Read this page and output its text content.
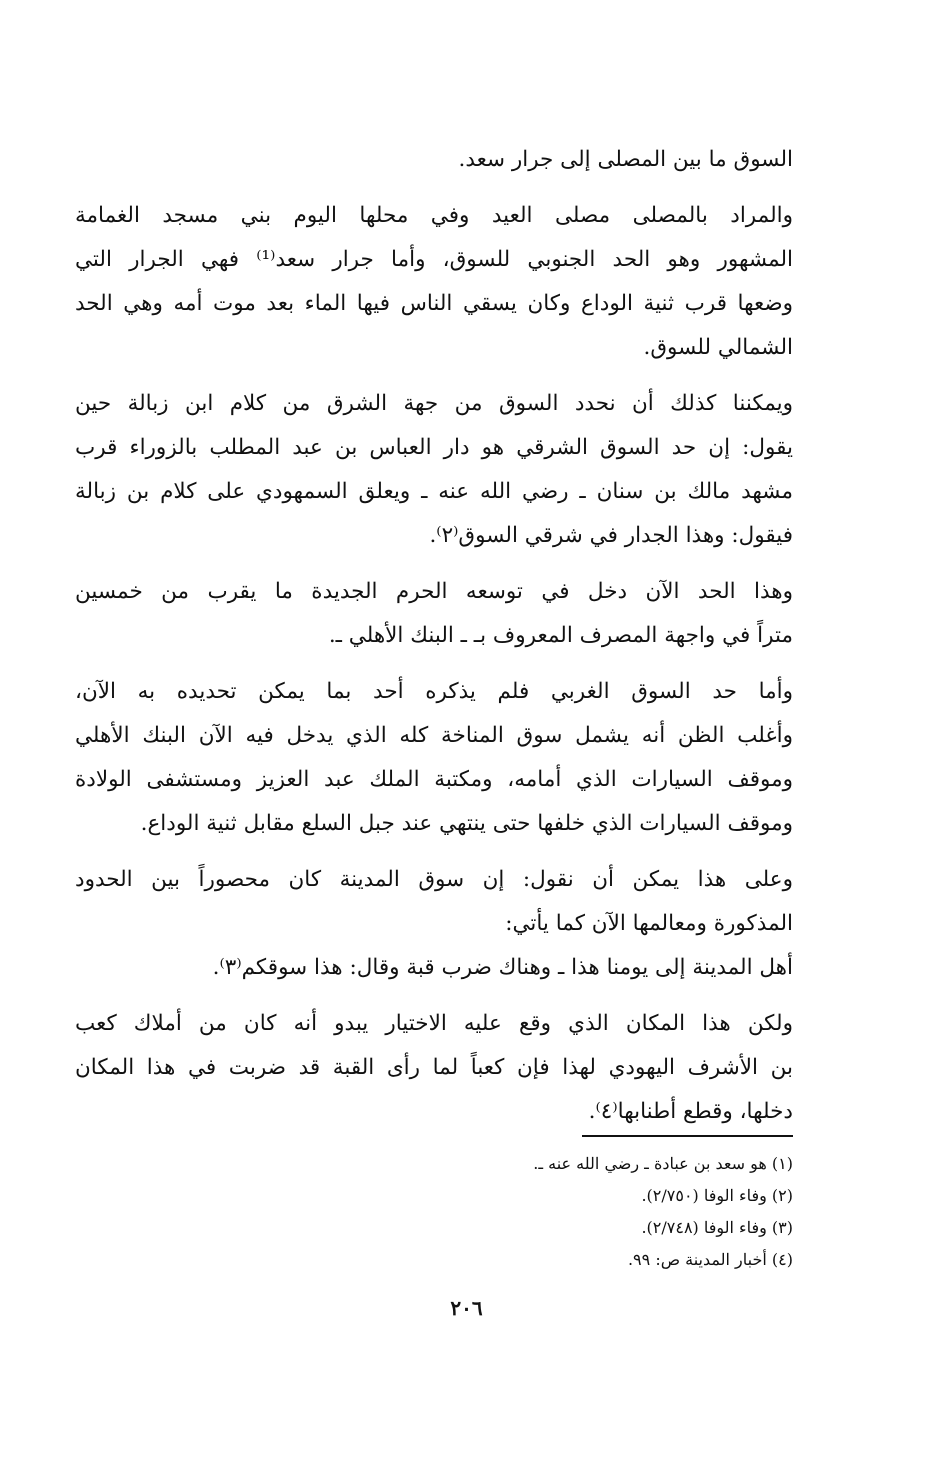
السوق ما بين المصلى إلى جرار سعد.

والمراد بالمصلى مصلى العيد وفي محلها اليوم بني مسجد الغمامة
المشهور وهو الحد الجنوبي للسوق، وأما جرار سعد⁽¹⁾ فهي الجرار التي
وضعها قرب ثنية الوداع وكان يسقي الناس فيها الماء بعد موت أمه وهي الحد
الشمالي للسوق.

ويمكننا كذلك أن نحدد السوق من جهة الشرق من كلام ابن زبالة حين
يقول: إن حد السوق الشرقي هو دار العباس بن عبد المطلب بالزوراء قرب
مشهد مالك بن سنان ـ رضي الله عنه ـ ويعلق السمهودي على كلام بن زبالة
فيقول: وهذا الجدار في شرقي السوق⁽٢⁾.

وهذا الحد الآن دخل في توسعه الحرم الجديدة ما يقرب من خمسين
متراً في واجهة المصرف المعروف بـ ـ البنك الأهلي ـ.

وأما حد السوق الغربي فلم يذكره أحد بما يمكن تحديده به الآن،
وأغلب الظن أنه يشمل سوق المناخة كله الذي يدخل فيه الآن البنك الأهلي
وموقف السيارات الذي أمامه، ومكتبة الملك عبد العزيز ومستشفى الولادة
وموقف السيارات الذي خلفها حتى ينتهي عند جبل السلع مقابل ثنية الوداع.

وعلى هذا يمكن أن نقول: إن سوق المدينة كان محصوراً بين الحدود
المذكورة ومعالمها الآن كما يأتي:
أهل المدينة إلى يومنا هذا ـ وهناك ضرب قبة وقال: هذا سوقكم⁽٣⁾.

ولكن هذا المكان الذي وقع عليه الاختيار يبدو أنه كان من أملاك كعب
بن الأشرف اليهودي لهذا فإن كعباً لما رأى القبة قد ضربت في هذا المكان
دخلها، وقطع أطنابها⁽٤⁾.

(١) هو سعد بن عبادة ـ رضي الله عنه ـ.
(٢) وفاء الوفا (٢/٧٥٠).
(٣) وفاء الوفا (٢/٧٤٨).
(٤) أخبار المدينة ص: ٩٩.
٢٠٦
